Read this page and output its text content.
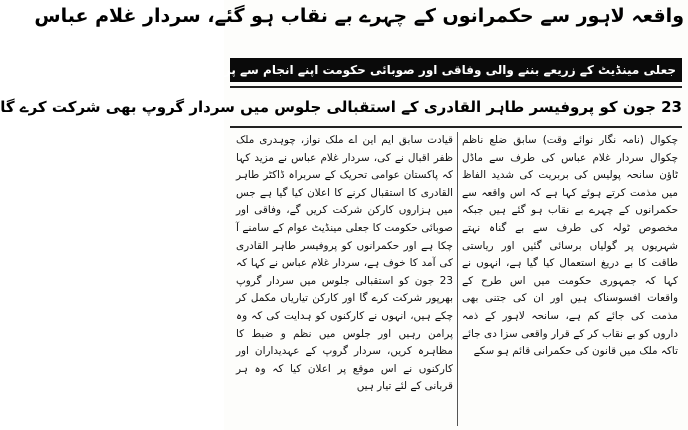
واقعہ لاہور سے حکمرانوں کے چہرے بے نقاب ہو گئے، سردار غلام عباس
جعلی مینڈیٹ کے زریعے بننے والی وفاقی اور صوبائی حکومت اپنے انجام سے پریشان ہے
23 جون کو پروفیسر طاہر القادری کے استقبالی جلوس میں سردار گروپ بھی شرکت کرے گا

چکوال (نامہ نگار نوائے وقت) سابق ضلع ناظم چکوال سردار غلام عباس کی طرف سے ماڈل ٹاؤن سانحہ پولیس کی بربریت کی شدید الفاظ میں مذمت کرتے ہوئے کہا ہے کہ اس واقعہ سے حکمرانوں کے چہرے بے نقاب ہو گئے ہیں جبکہ مخصوص ٹولہ کی طرف سے بے گناہ نہتے شہریوں پر گولیاں برسائی گئیں اور ریاستی طاقت کا بے دریغ استعمال کیا گیا ہے، انہوں نے کہا کہ جمہوری حکومت میں اس طرح کے واقعات افسوسناک ہیں اور ان کی جتنی بھی مذمت کی جائے کم ہے، سانحہ لاہور کے ذمہ داروں کو بے نقاب کر کے قرار واقعی سزا دی جائے تاکہ ملک میں قانون کی حکمرانی قائم ہو سکے

قیادت سابق ایم این اے ملک نواز، چوہدری ملک ظفر اقبال نے کی، سردار غلام عباس نے مزید کہا کہ پاکستان عوامی تحریک کے سربراہ ڈاکٹر طاہر القادری کا استقبال کرنے کا اعلان کیا گیا ہے جس میں ہزاروں کارکن شرکت کریں گے، وفاقی اور صوبائی حکومت کا جعلی مینڈیٹ عوام کے سامنے آ چکا ہے اور حکمرانوں کو پروفیسر طاہر القادری کی آمد کا خوف ہے، سردار غلام عباس نے کہا کہ 23 جون کو استقبالی جلوس میں سردار گروپ بھرپور شرکت کرے گا اور کارکن تیاریاں مکمل کر چکے ہیں، انہوں نے کارکنوں کو ہدایت کی کہ وہ پرامن رہیں اور جلوس میں نظم و ضبط کا مظاہرہ کریں، سردار گروپ کے عہدیداران اور کارکنوں نے اس موقع پر اعلان کیا کہ وہ ہر قربانی کے لئے تیار ہیں
